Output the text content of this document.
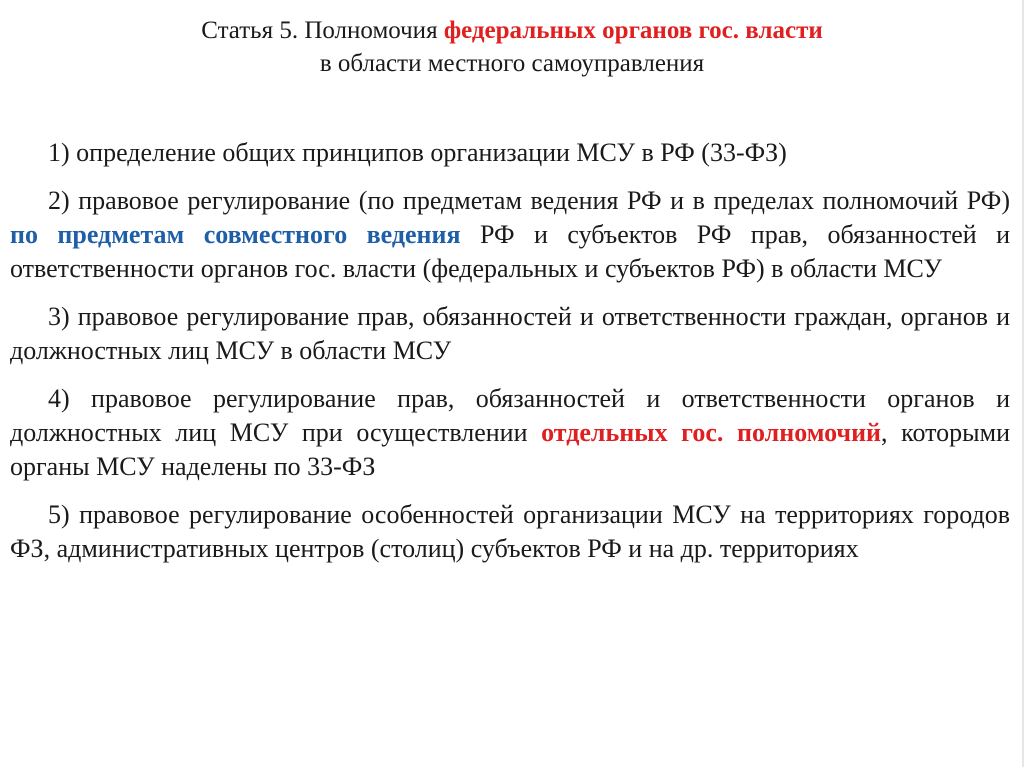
Статья 5. Полномочия федеральных органов гос. власти
в области местного самоуправления

1) определение общих принципов организации МСУ в РФ (33-ФЗ)

2) правовое регулирование (по предметам ведения РФ и в пределах полномочий РФ) по предметам совместного ведения РФ и субъектов РФ прав, обязанностей и ответственности органов гос. власти (федеральных и субъектов РФ) в области МСУ

3) правовое регулирование прав, обязанностей и ответственности граждан, органов и должностных лиц МСУ в области МСУ

4) правовое регулирование прав, обязанностей и ответственности органов и должностных лиц МСУ при осуществлении отдельных гос. полномочий, которыми органы МСУ наделены по 33-ФЗ

5) правовое регулирование особенностей организации МСУ на территориях городов ФЗ, административных центров (столиц) субъектов РФ и на др. территориях
